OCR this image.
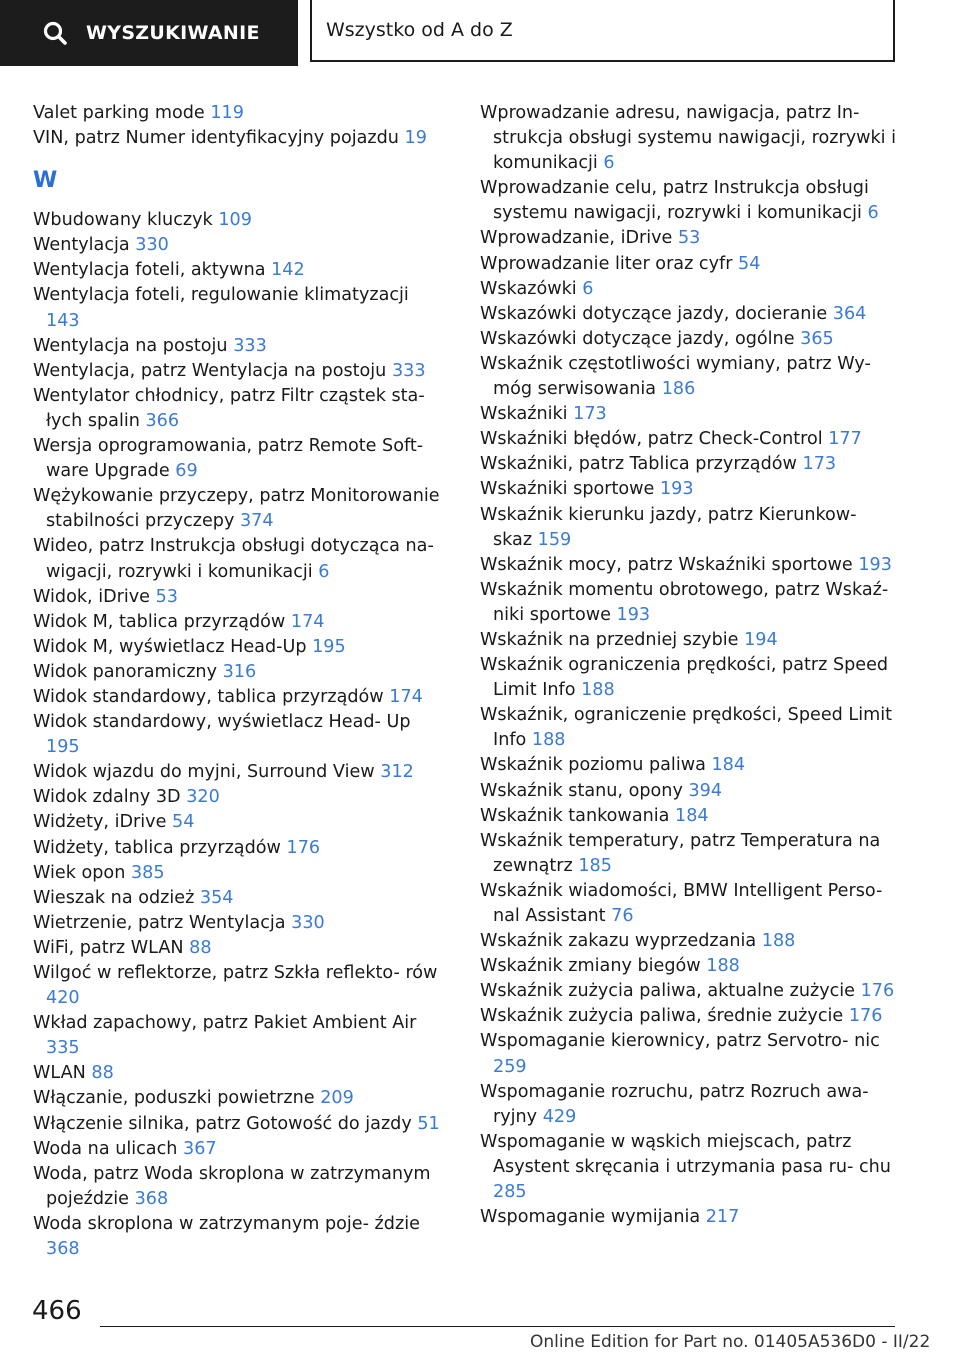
WYSZUKIWANIE	Wszystko od A do Z
Valet parking mode 119
VIN, patrz Numer identyfikacyjny pojazdu 19
W
Wbudowany kluczyk 109
Wentylacja 330
Wentylacja foteli, aktywna 142
Wentylacja foteli, regulowanie klimatyzacji 143
Wentylacja na postoju 333
Wentylacja, patrz Wentylacja na postoju 333
Wentylator chłodnicy, patrz Filtr cząstek sta- łych spalin 366
Wersja oprogramowania, patrz Remote Soft- ware Upgrade 69
Wężykowanie przyczepy, patrz Monitorowanie stabilności przyczepy 374
Wideo, patrz Instrukcja obsługi dotycząca na- wigacji, rozrywki i komunikacji 6
Widok, iDrive 53
Widok M, tablica przyrządów 174
Widok M, wyświetlacz Head-Up 195
Widok panoramiczny 316
Widok standardowy, tablica przyrządów 174
Widok standardowy, wyświetlacz Head- Up 195
Widok wjazdu do myjni, Surround View 312
Widok zdalny 3D 320
Widżety, iDrive 54
Widżety, tablica przyrządów 176
Wiek opon 385
Wieszak na odzież 354
Wietrzenie, patrz Wentylacja 330
WiFi, patrz WLAN 88
Wilgoć w reflektorze, patrz Szkła reflekto- rów 420
Wkład zapachowy, patrz Pakiet Ambient Air 335
WLAN 88
Włączanie, poduszki powietrzne 209
Włączenie silnika, patrz Gotowość do jazdy 51
Woda na ulicach 367
Woda, patrz Woda skroplona w zatrzymanym pojeździe 368
Woda skroplona w zatrzymanym poje- ździe 368
Wprowadzanie adresu, nawigacja, patrz In- strukcja obsługi systemu nawigacji, rozrywki i komunikacji 6
Wprowadzanie celu, patrz Instrukcja obsługi systemu nawigacji, rozrywki i komunikacji 6
Wprowadzanie, iDrive 53
Wprowadzanie liter oraz cyfr 54
Wskazówki 6
Wskazówki dotyczące jazdy, docieranie 364
Wskazówki dotyczące jazdy, ogólne 365
Wskaźnik częstotliwości wymiany, patrz Wy- móg serwisowania 186
Wskaźniki 173
Wskaźniki błędów, patrz Check-Control 177
Wskaźniki, patrz Tablica przyrządów 173
Wskaźniki sportowe 193
Wskaźnik kierunku jazdy, patrz Kierunkow- skaz 159
Wskaźnik mocy, patrz Wskaźniki sportowe 193
Wskaźnik momentu obrotowego, patrz Wskaź- niki sportowe 193
Wskaźnik na przedniej szybie 194
Wskaźnik ograniczenia prędkości, patrz Speed Limit Info 188
Wskaźnik, ograniczenie prędkości, Speed Limit Info 188
Wskaźnik poziomu paliwa 184
Wskaźnik stanu, opony 394
Wskaźnik tankowania 184
Wskaźnik temperatury, patrz Temperatura na zewnątrz 185
Wskaźnik wiadomości, BMW Intelligent Perso- nal Assistant 76
Wskaźnik zakazu wyprzedzania 188
Wskaźnik zmiany biegów 188
Wskaźnik zużycia paliwa, aktualne zużycie 176
Wskaźnik zużycia paliwa, średnie zużycie 176
Wspomaganie kierownicy, patrz Servotro- nic 259
Wspomaganie rozruchu, patrz Rozruch awa- ryjny 429
Wspomaganie w wąskich miejscach, patrz Asystent skręcania i utrzymania pasa ru- chu 285
Wspomaganie wymijania 217
466
Online Edition for Part no. 01405A536D0 - II/22
